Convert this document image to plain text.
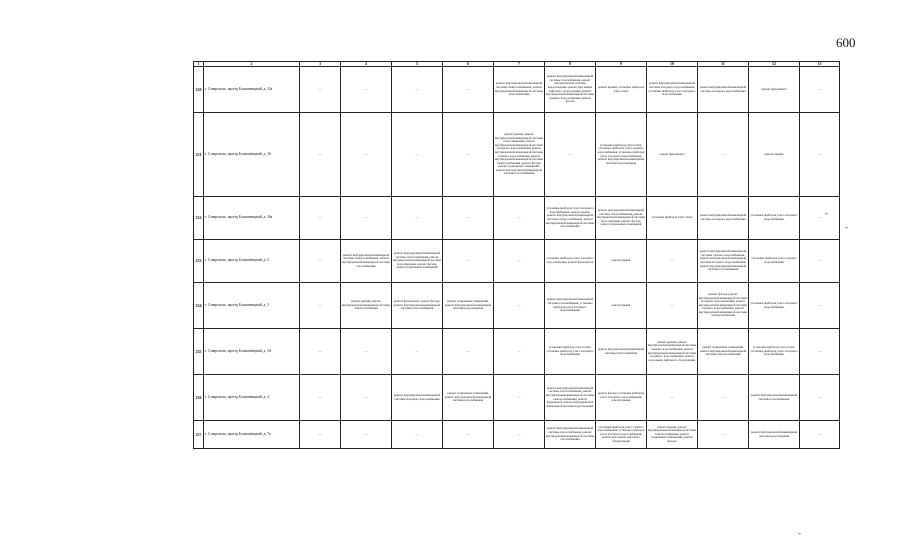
600
1	2	3	4	5	6	7	8	9	10	11	12	13
230	г. Ставрополь, проезд Большевицкий, д. 12а	—	—	—	—	ремонт внутридомовой инженерной системы электроснабжения, ремонт внутридомовой инженерной системы теплоснабжения	ремонт внутридомовой инженерной системы газоснабжения, ремонт внутридомовой системы водоотведения, ремонт или замена лифтового оборудования, ремонт внутридомовой инженерной системы горячего водоснабжения, ремонт фасада	ремонт крыши, установка приборов учета тепла	ремонт внутридомовой инженерной системы холодного водоснабжения, установка приборов учета холодного водоснабжения	ремонт внутридомовой инженерной системы холодного водоснабжения	ремонт фундамента	—
231	г. Ставрополь, проезд Большевицкий, д. 16	—	—	—	—	ремонт крыши, ремонт внутридомовой инженерной системы теплоснабжения, ремонт внутридомовой инженерной системы холодного водоснабжения, ремонт внутридомовой инженерной системы горячего водоснабжения, ремонт внутридомовой инженерной системы электроснабжения, ремонт фасада, ремонт подвальных помещений, ремонт внутридомовой инженерной системы газоснабжения	—	установка приборов учета тепла, установка приборов учета горячего водоснабжения, установка приборов учета холодного водоснабжения, ремонт внутридомовой инженерной системы водоотведения	ремонт фундамента	—	ремонт крыши	—
232	г. Ставрополь, проезд Большевицкий, д. 16а	—	—	—	—	—	установка приборов учета холодного водоснабжения, ремонт крыши, ремонт внутридомовой инженерной системы электроснабжения, ремонт внутридомовой инженерной системы газоснабжения	ремонт внутридомовой инженерной системы теплоснабжения, ремонт внутридомовой инженерной системы водоотведения, ремонт фасада, ремонт подвальных помещений	установка приборов учета тепла	ремонт внутридомовой инженерной системы холодного водоснабжения	установка приборов учета холодного водоснабжения	—
233	г. Ставрополь, проезд Большевицкий, д. 2	—	ремонт внутридомовой инженерной системы электроснабжения, ремонт внутридомовой инженерной системы газоснабжения	ремонт внутридомовой инженерной системы теплоснабжения, ремонт внутридомовой инженерной системы водоотведения, ремонт фасада, ремонт подвальных помещений	—	—	установка приборов учета холодного водоснабжения, ремонт фундамента	ремонт крыши	—	ремонт внутридомовой инженерной системы горячего водоснабжения, ремонт внутридомовой инженерной системы холодного водоснабжения, ремонт внутридомовой инженерной системы газоснабжения	установка приборов учета горячего водоснабжения	—
234	г. Ставрополь, проезд Большевицкий, д. 3	—	ремонт крыши, ремонт внутридомовой инженерной системы электроснабжения	ремонт фундамента, ремонт фасада, ремонт внутридомовой инженерной системы теплоснабжения	ремонт подвальных помещений, ремонт внутридомовой инженерной системы водоотведения	—	ремонт внутридомовой инженерной системы газоснабжения, установка приборов учета холодного водоснабжения	ремонт крыши	—	ремонт фасада, ремонт внутридомовой инженерной системы холодного водоснабжения, ремонт внутридомовой инженерной системы горячего водоснабжения, ремонт внутридомовой инженерной системы электроснабжения	установка приборов учета холодного водоснабжения	—
235	г. Ставрополь, проезд Большевицкий, д. 3А	—	—	—	—	—	установка приборов учета тепла, установка приборов учета холодного водоснабжения	ремонт внутридомовой инженерной системы теплоснабжения	ремонт крыши, ремонт внутридомовой инженерной системы горячего водоснабжения, ремонт внутридомовой инженерной системы холодного водоснабжения, ремонт или замена лифтового оборудования	ремонт подвальных помещений, ремонт внутридомовой инженерной системы электроснабжения	установка приборов учета тепла, установка приборов учета холодного водоснабжения	—
236	г. Ставрополь, проезд Большевицкий, д. 4	—	—	ремонт внутридомовой инженерной системы холодного водоснабжения	ремонт подвальных помещений, ремонт внутридомовой инженерной системы газоснабжения	—	ремонт внутридомовой инженерной системы теплоснабжения, ремонт внутридомовой инженерной системы электроснабжения, ремонт фундамента, ремонт внутридомовой инженерной системы водоотведения	ремонт фасада, установка приборов учета холодного водоснабжения, ремонт крыши	—	—	ремонт внутридомовой инженерной системы газоснабжения	—
237	г. Ставрополь, проезд Большевицкий, д. 7а	—	—	—	—	—	ремонт внутридомовой инженерной системы теплоснабжения, ремонт внутридомовой инженерной системы газоснабжения	установка приборов учета горячего водоснабжения, установка приборов учета холодного водоснабжения, ремонт или замена лифтового оборудования	ремонт крыши, ремонт внутридомовой инженерной системы электроснабжения, ремонт подвальных помещений, ремонт фасада	—	ремонт внутридомовой инженерной системы водоотведения	—
-
-
-
